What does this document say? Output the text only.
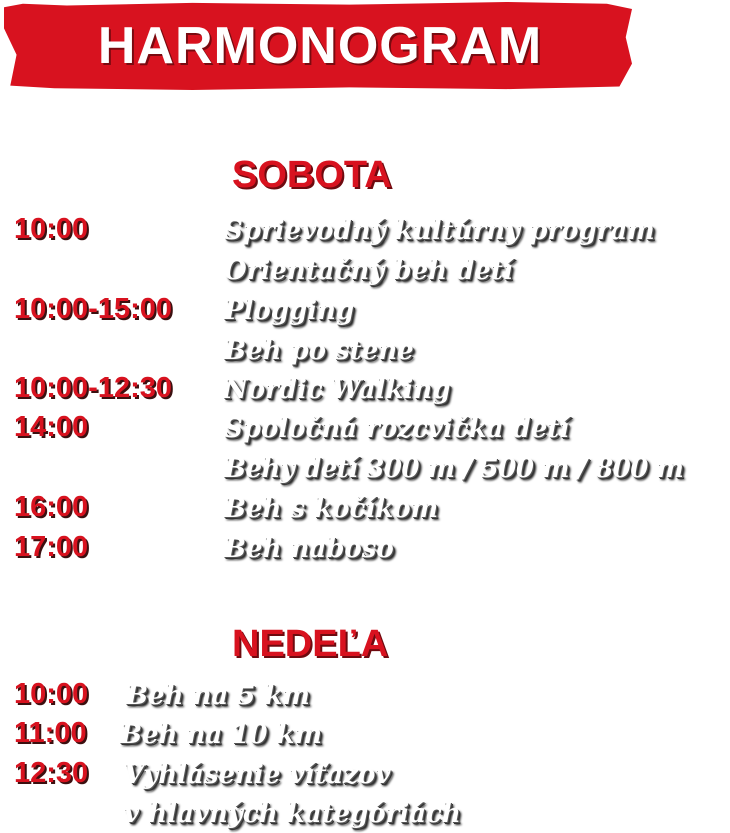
HARMONOGRAM
SOBOTA
10:00	Sprievodný kultúrny program
Orientačný beh detí
10:00-15:00 Plogging
Beh po stene
10:00-12:30 Nordic Walking
14:00	Spoločná rozcvička detí
Behy detí 300 m / 500 m / 800 m
16:00	Beh s kočíkom
17:00	Beh naboso
NEDEĽA
10:00 Beh na 5 km
11:00 Beh na 10 km
12:30 Vyhlásenie víťazov
v hlavných kategóriách
